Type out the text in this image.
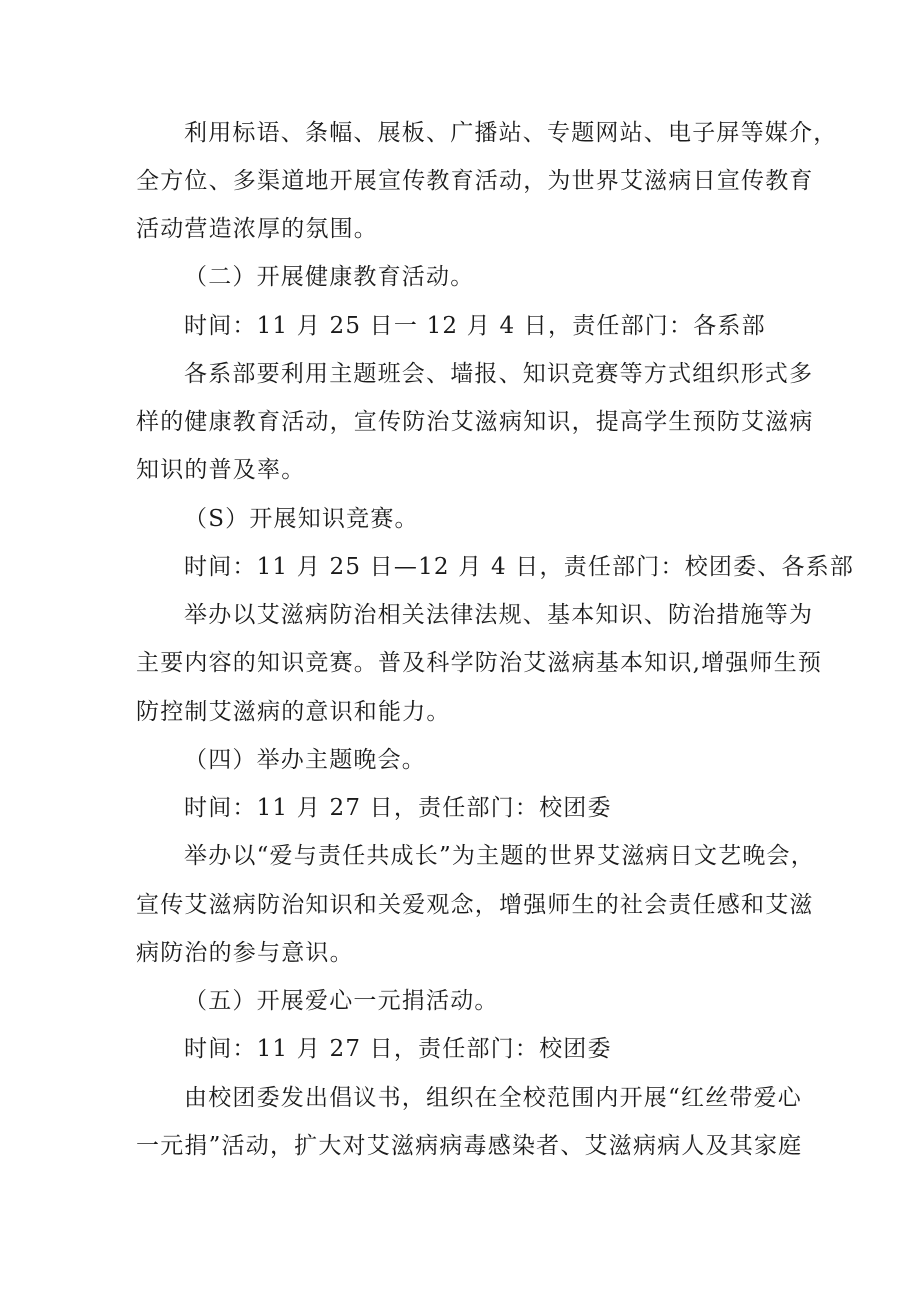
利用标语、条幅、展板、广播站、专题网站、电子屏等媒介，
全方位、多渠道地开展宣传教育活动，为世界艾滋病日宣传教育
活动营造浓厚的氛围。
（二）开展健康教育活动。
时间：11 月 25 日一 12 月 4 日，责任部门：各系部
各系部要利用主题班会、墙报、知识竞赛等方式组织形式多
样的健康教育活动，宣传防治艾滋病知识，提高学生预防艾滋病
知识的普及率。
（S）开展知识竞赛。
时间：11 月 25 日—12 月 4 日，责任部门：校团委、各系部
举办以艾滋病防治相关法律法规、基本知识、防治措施等为
主要内容的知识竞赛。普及科学防治艾滋病基本知识,增强师生预
防控制艾滋病的意识和能力。
（四）举办主题晚会。
时间：11 月 27 日，责任部门：校团委
举办以“爱与责任共成长”为主题的世界艾滋病日文艺晚会，
宣传艾滋病防治知识和关爱观念，增强师生的社会责任感和艾滋
病防治的参与意识。
（五）开展爱心一元捐活动。
时间：11 月 27 日，责任部门：校团委
由校团委发出倡议书，组织在全校范围内开展“红丝带爱心
一元捐”活动，扩大对艾滋病病毒感染者、艾滋病病人及其家庭
